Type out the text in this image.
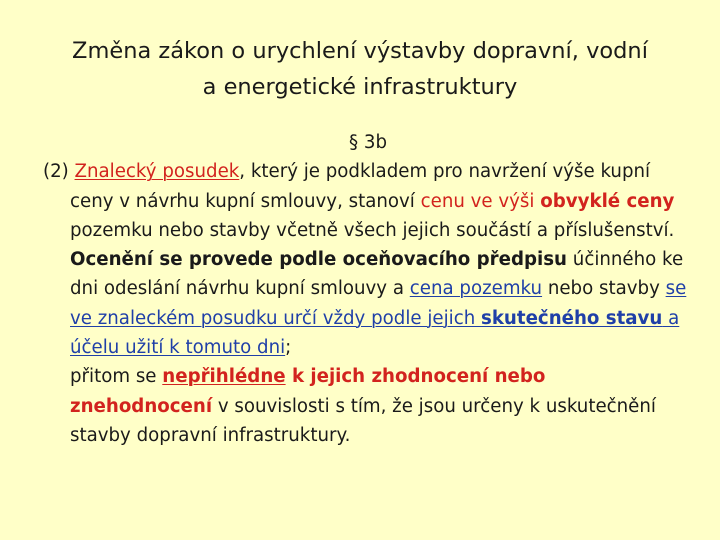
Změna zákon o urychlení výstavby dopravní, vodní
a energetické infrastruktury

§ 3b

(2) Znalecký posudek, který je podkladem pro navržení výše kupní ceny v návrhu kupní smlouvy, stanoví cenu ve výši obvyklé ceny pozemku nebo stavby včetně všech jejich součástí a příslušenství.

Ocenění se provede podle oceňovacího předpisu účinného ke dni odeslání návrhu kupní smlouvy a cena pozemku nebo stavby se ve znaleckém posudku určí vždy podle jejich skutečného stavu a účelu užití k tomuto dni;

přitom se nepřihlédne k jejich zhodnocení nebo znehodnocení v souvislosti s tím, že jsou určeny k uskutečnění stavby dopravní infrastruktury.
